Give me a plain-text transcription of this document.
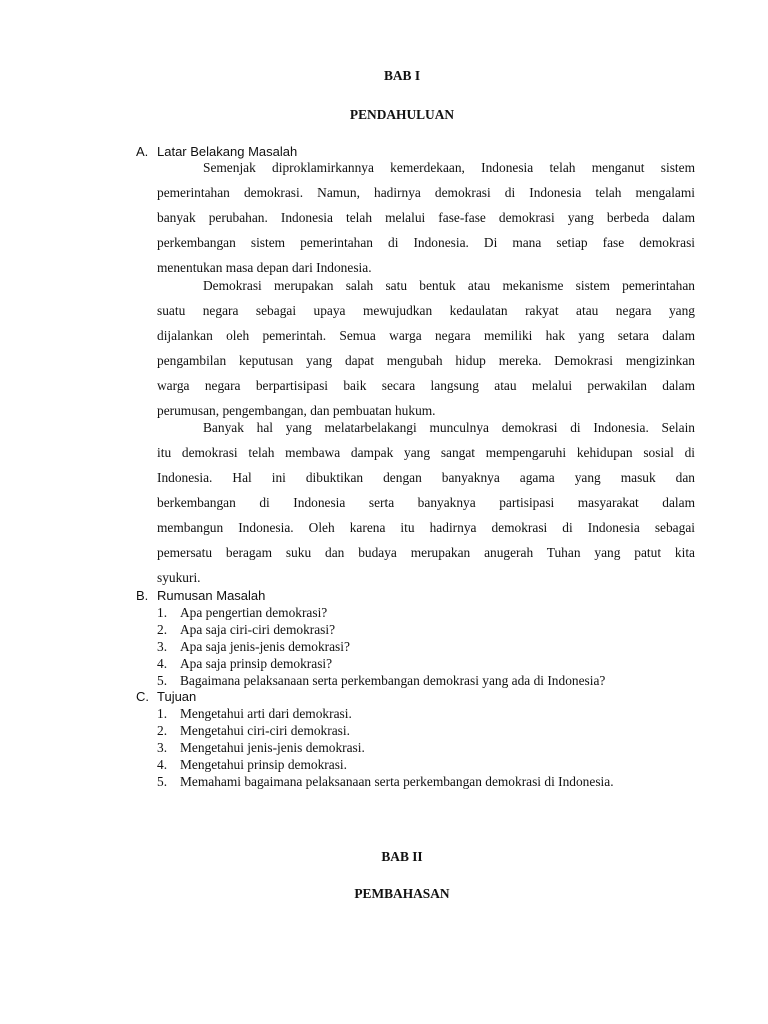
BAB I
PENDAHULUAN
A. Latar Belakang Masalah
Semenjak diproklamirkannya kemerdekaan, Indonesia telah menganut sistem
pemerintahan demokrasi. Namun, hadirnya demokrasi di Indonesia telah mengalami
banyak perubahan. Indonesia telah melalui fase-fase demokrasi yang berbeda dalam
perkembangan sistem pemerintahan di Indonesia. Di mana setiap fase demokrasi
menentukan masa depan dari Indonesia.
Demokrasi merupakan salah satu bentuk atau mekanisme sistem pemerintahan
suatu negara sebagai upaya mewujudkan kedaulatan rakyat atau negara yang
dijalankan oleh pemerintah. Semua warga negara memiliki hak yang setara dalam
pengambilan keputusan yang dapat mengubah hidup mereka. Demokrasi mengizinkan
warga negara berpartisipasi baik secara langsung atau melalui perwakilan dalam
perumusan, pengembangan, dan pembuatan hukum.
Banyak hal yang melatarbelakangi munculnya demokrasi di Indonesia. Selain
itu demokrasi telah membawa dampak yang sangat mempengaruhi kehidupan sosial di
Indonesia. Hal ini dibuktikan dengan banyaknya agama yang masuk dan
berkembangan di Indonesia serta banyaknya partisipasi masyarakat dalam
membangun Indonesia. Oleh karena itu hadirnya demokrasi di Indonesia sebagai
pemersatu beragam suku dan budaya merupakan anugerah Tuhan yang patut kita
syukuri.
B. Rumusan Masalah
1. Apa pengertian demokrasi?
2. Apa saja ciri-ciri demokrasi?
3. Apa saja jenis-jenis demokrasi?
4. Apa saja prinsip demokrasi?
5. Bagaimana pelaksanaan serta perkembangan demokrasi yang ada di Indonesia?
C. Tujuan
1. Mengetahui arti dari demokrasi.
2. Mengetahui ciri-ciri demokrasi.
3. Mengetahui jenis-jenis demokrasi.
4. Mengetahui prinsip demokrasi.
5. Memahami bagaimana pelaksanaan serta perkembangan demokrasi di Indonesia.
BAB II
PEMBAHASAN
